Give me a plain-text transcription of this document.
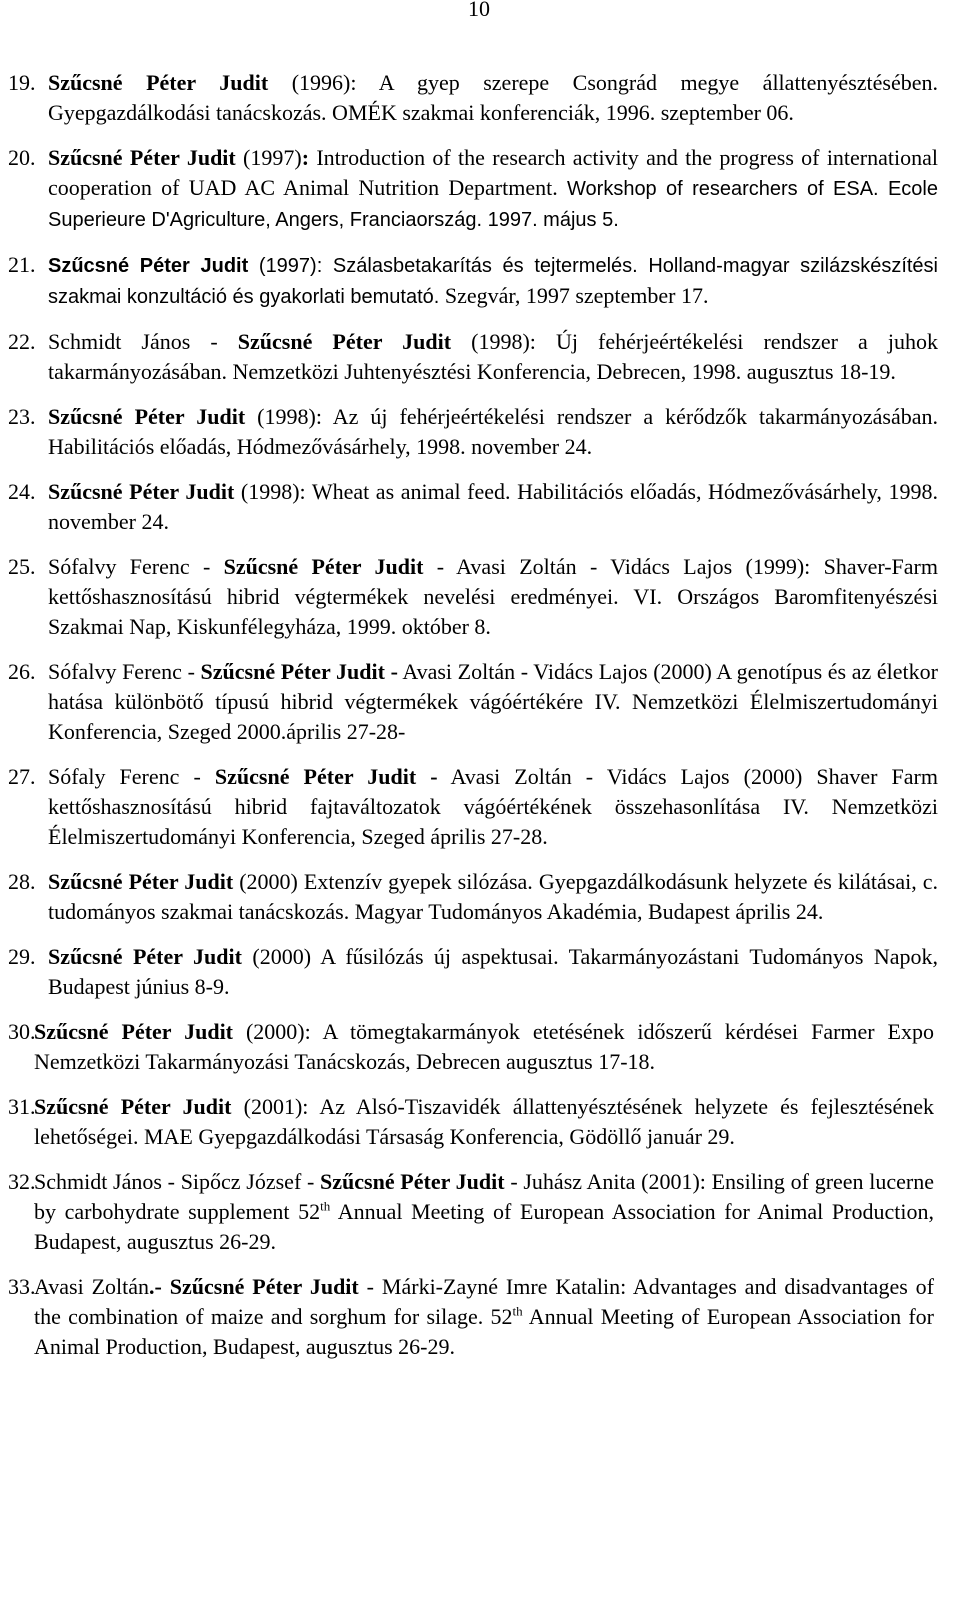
10
19. Szűcsné Péter Judit (1996): A gyep szerepe Csongrád megye állattenyésztésében. Gyepgazdálkodási tanácskozás. OMÉK szakmai konferenciák, 1996. szeptember 06.
20. Szűcsné Péter Judit (1997): Introduction of the research activity and the progress of international cooperation of UAD AC Animal Nutrition Department. Workshop of researchers of ESA. Ecole Superieure D'Agriculture, Angers, Franciaország. 1997. május 5.
21. Szűcsné Péter Judit (1997): Szálasbetakarítás és tejtermelés. Holland-magyar szilázskészítési szakmai konzultáció és gyakorlati bemutató. Szegvár, 1997 szeptember 17.
22. Schmidt János - Szűcsné Péter Judit (1998): Új fehérjeértékelési rendszer a juhok takarmányozásában. Nemzetközi Juhtenyésztési Konferencia, Debrecen, 1998. augusztus 18-19.
23. Szűcsné Péter Judit (1998): Az új fehérjeértékelési rendszer a kérődzők takarmányozásában. Habilitációs előadás, Hódmezővásárhely, 1998. november 24.
24. Szűcsné Péter Judit (1998): Wheat as animal feed. Habilitációs előadás, Hódmezővásárhely, 1998. november 24.
25. Sófalvy Ferenc - Szűcsné Péter Judit - Avasi Zoltán - Vidács Lajos (1999): Shaver-Farm kettőshasznosítású hibrid végtermékek nevelési eredményei. VI. Országos Baromfitenyészési Szakmai Nap, Kiskunfélegyháza, 1999. október 8.
26. Sófalvy Ferenc - Szűcsné Péter Judit - Avasi Zoltán - Vidács Lajos (2000) A genotípus és az életkor hatása különbötő típusú hibrid végtermékek vágóértékére IV. Nemzetközi Élelmiszertudományi Konferencia, Szeged 2000.április 27-28-
27. Sófaly Ferenc - Szűcsné Péter Judit - Avasi Zoltán - Vidács Lajos (2000) Shaver Farm kettőshasznosítású hibrid fajtaváltozatok vágóértékének összehasonlítása IV. Nemzetközi Élelmiszertudományi Konferencia, Szeged április 27-28.
28. Szűcsné Péter Judit (2000) Extenzív gyepek silózása. Gyepgazdálkodásunk helyzete és kilátásai, c. tudományos szakmai tanácskozás. Magyar Tudományos Akadémia, Budapest április 24.
29. Szűcsné Péter Judit (2000) A fűsilózás új aspektusai. Takarmányozástani Tudományos Napok, Budapest június 8-9.
30.
Szűcsné Péter Judit (2000): A tömegtakarmányok etetésének időszerű kérdései Farmer Expo Nemzetközi Takarmányozási Tanácskozás, Debrecen augusztus 17-18.
31.
Szűcsné Péter Judit (2001): Az Alsó-Tiszavidék állattenyésztésének helyzete és fejlesztésének lehetőségei. MAE Gyepgazdálkodási Társaság Konferencia, Gödöllő január 29.
32.
Schmidt János - Sipőcz József - Szűcsné Péter Judit - Juhász Anita (2001): Ensiling of green lucerne by carbohydrate supplement 52th Annual Meeting of European Association for Animal Production, Budapest, augusztus 26-29.
33.
Avasi Zoltán.- Szűcsné Péter Judit - Márki-Zayné Imre Katalin: Advantages and disadvantages of the combination of maize and sorghum for silage. 52th Annual Meeting of European Association for Animal Production, Budapest, augusztus 26-29.
